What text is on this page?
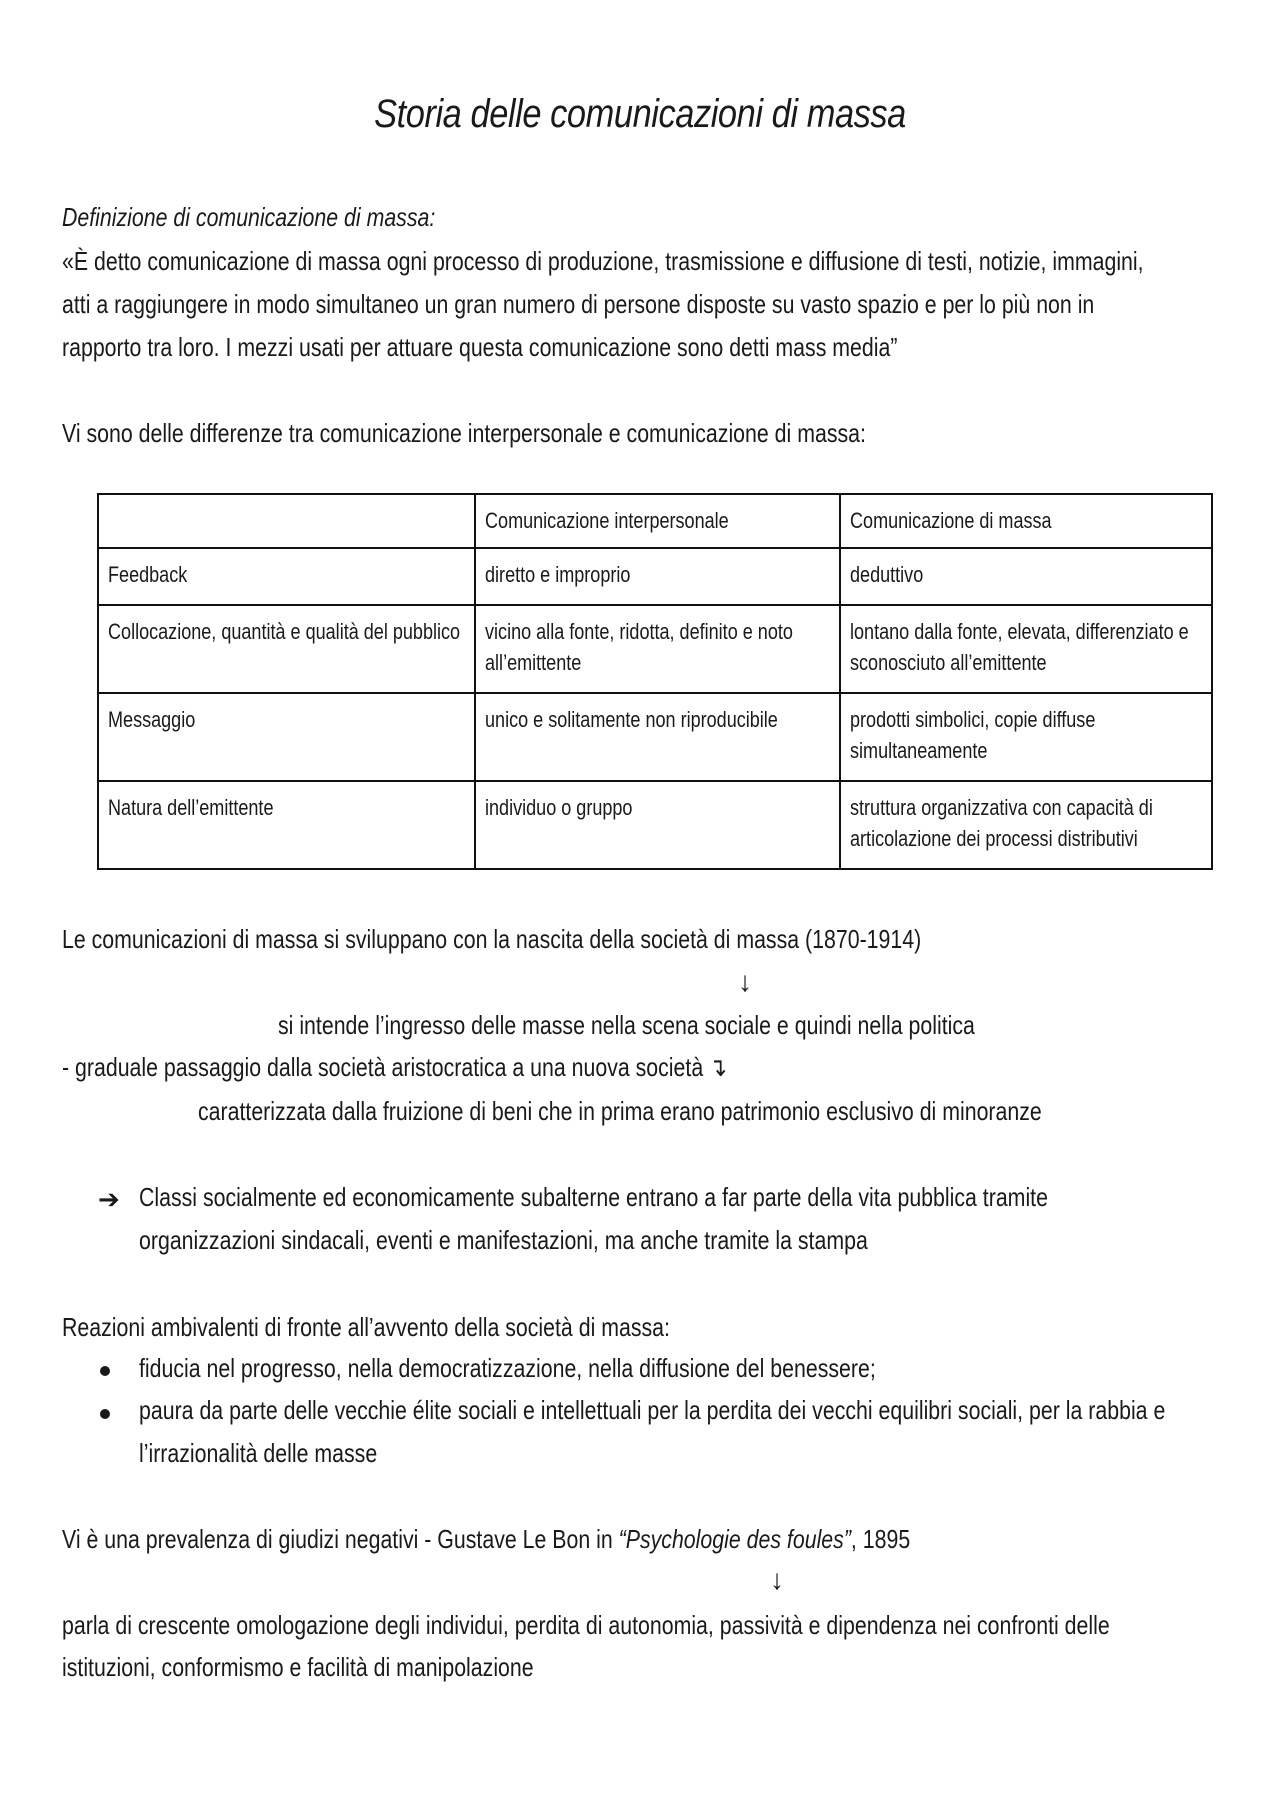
Storia delle comunicazioni di massa
Definizione di comunicazione di massa:
«È detto comunicazione di massa ogni processo di produzione, trasmissione e diffusione di testi, notizie, immagini,
atti a raggiungere in modo simultaneo un gran numero di persone disposte su vasto spazio e per lo più non in
rapporto tra loro. I mezzi usati per attuare questa comunicazione sono detti mass media”
Vi sono delle differenze tra comunicazione interpersonale e comunicazione di massa:

	Comunicazione interpersonale	Comunicazione di massa

Feedback	diretto e improprio	deduttivo

Collocazione, quantità e qualità del pubblico	vicino alla fonte, ridotta, definito e noto all’emittente	lontano dalla fonte, elevata, differenziato e sconosciuto all’emittente

Messaggio	unico e solitamente non riproducibile	prodotti simbolici, copie diffuse simultaneamente

Natura dell’emittente	individuo o gruppo	struttura organizzativa con capacità di articolazione dei processi distributivi
Le comunicazioni di massa si sviluppano con la nascita della società di massa (1870-1914)
↓
si intende l’ingresso delle masse nella scena sociale e quindi nella politica
- graduale passaggio dalla società aristocratica a una nuova società ↴
caratterizzata dalla fruizione di beni che in prima erano patrimonio esclusivo di minoranze
➔ Classi socialmente ed economicamente subalterne entrano a far parte della vita pubblica tramite
organizzazioni sindacali, eventi e manifestazioni, ma anche tramite la stampa
Reazioni ambivalenti di fronte all’avvento della società di massa:
fiducia nel progresso, nella democratizzazione, nella diffusione del benessere;
paura da parte delle vecchie élite sociali e intellettuali per la perdita dei vecchi equilibri sociali, per la rabbia e
l’irrazionalità delle masse
Vi è una prevalenza di giudizi negativi - Gustave Le Bon in “Psychologie des foules”, 1895
↓
parla di crescente omologazione degli individui, perdita di autonomia, passività e dipendenza nei confronti delle
istituzioni, conformismo e facilità di manipolazione
